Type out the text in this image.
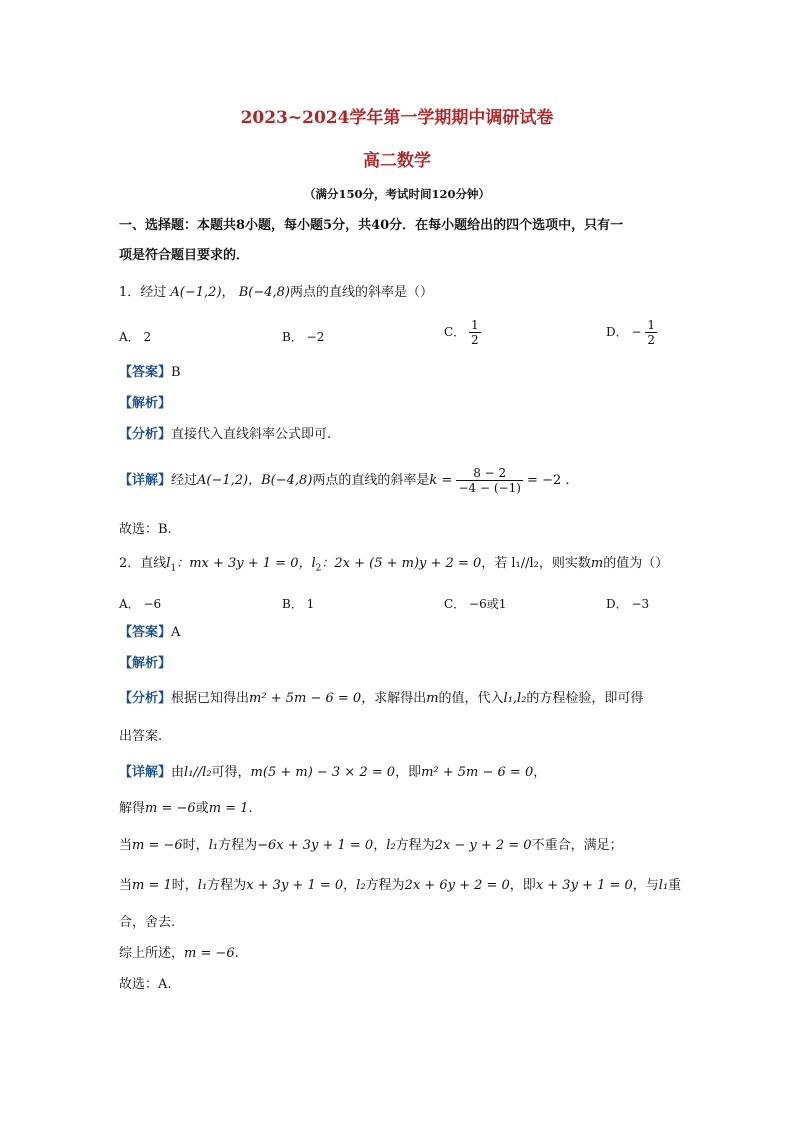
2023~2024学年第一学期期中调研试卷
高二数学
（满分150分，考试时间120分钟）
一、选择题：本题共8小题，每小题5分，共40分．在每小题给出的四个选项中，只有一
项是符合题目要求的．
1．经过 A(−1,2)， B(−4,8)两点的直线的斜率是（）
A． 2	B． −2	C． $\frac{1}{2}$	D． − $\frac{1}{2}$
【答案】B
【解析】
【分析】直接代入直线斜率公式即可.
【详解】经过A(−1,2)，B(−4,8)两点的直线的斜率是$k = \frac{8 - 2}{-4 - (-1)} = -2$ .
故选：B.
2．直线$l_1$：mx + 3y + 1 = 0，$l_2$：2x + (5 + m)y + 2 = 0，若 l₁//l₂，则实数m的值为（）
A． −6	B． 1	C． −6或1	D． −3
【答案】A
【解析】
【分析】根据已知得出m² + 5m − 6 = 0，求解得出m的值，代入l₁,l₂的方程检验，即可得
出答案.
【详解】由l₁//l₂可得，m(5 + m) − 3 × 2 = 0，即m² + 5m − 6 = 0，
解得m = −6或m = 1.
当m = −6时，l₁方程为−6x + 3y + 1 = 0，l₂方程为2x − y + 2 = 0不重合，满足；
当m = 1时，l₁方程为x + 3y + 1 = 0，l₂方程为2x + 6y + 2 = 0，即x + 3y + 1 = 0，与l₁重
合，舍去.
综上所述，m = −6.
故选：A.
